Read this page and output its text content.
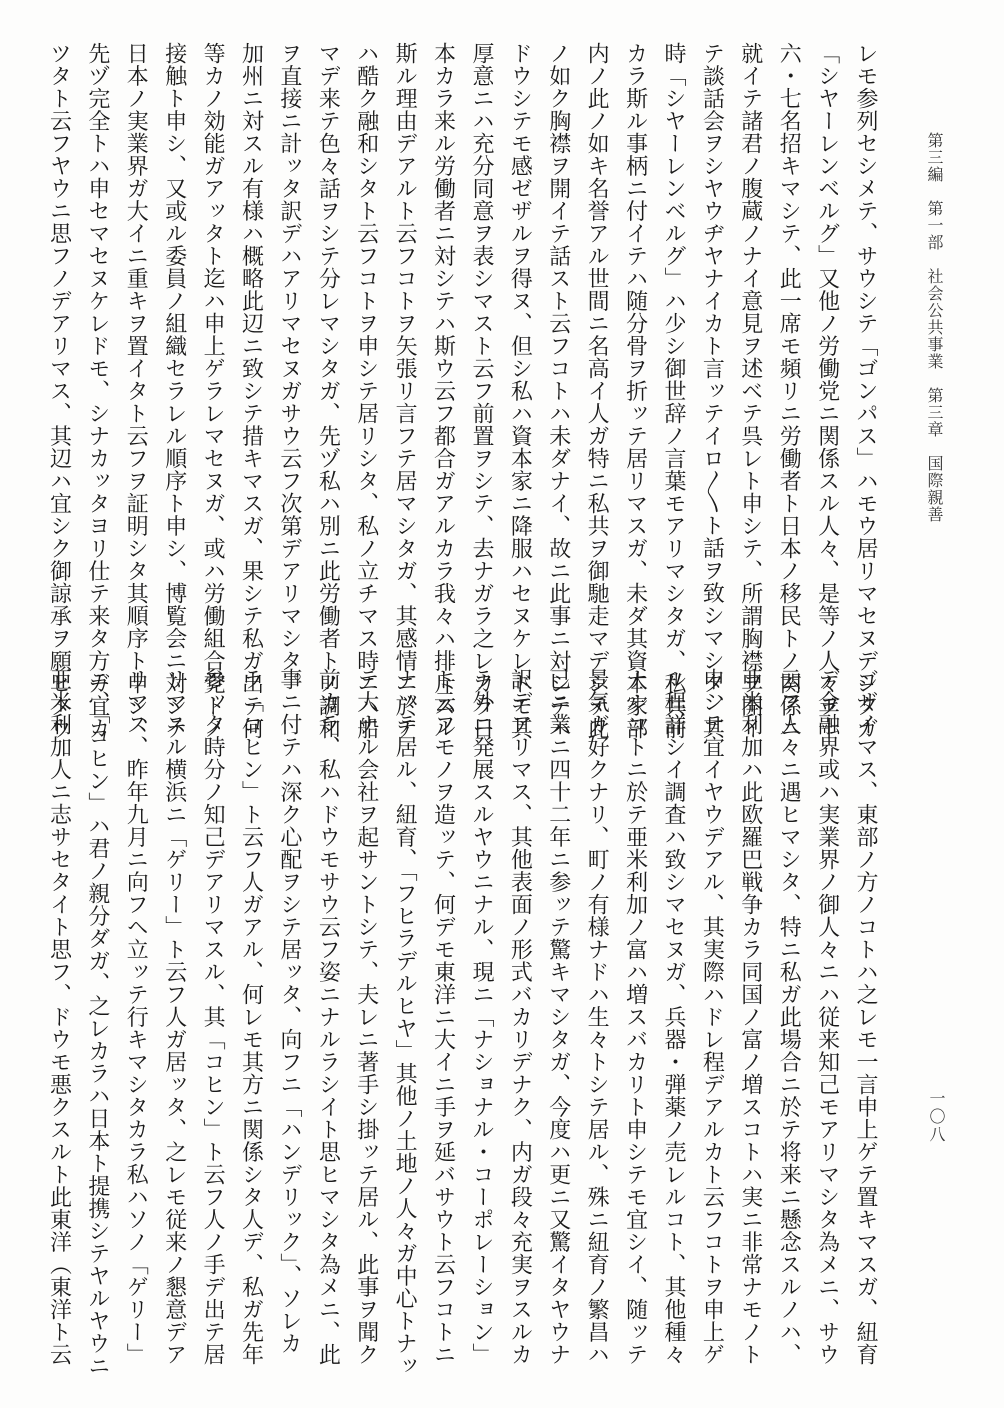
第三編　第一部　社会公共事業　第三章　国際親善
一〇八
レモ参列セシメテ、サウシテ「ゴンパス」ハモウ居リマセヌデシタガ
「シヤーレンベルグ」又他ノ労働党ニ関係スル人々、是等ノ人々ヲ十
六・七名招キマシテ、此一席モ頻リニ労働者ト日本ノ移民トノ関係ニ
就イテ諸君ノ腹蔵ノナイ意見ヲ述ベテ呉レト申シテ、所謂胸襟ヲ開イ
テ談話会ヲシヤウヂヤナイカト言ッテイロ〳〵ト話ヲ致シマシタ、其
時「シヤーレンベルグ」ハ少シ御世辞ノ言葉モアリマシタガ、私共前
カラ斯ル事柄ニ付イテハ随分骨ヲ折ッテ居リマスガ、未ダ其資本家部
内ノ此ノ如キ名誉アル世間ニ名高イ人ガ特ニ私共ヲ御馳走マデシテ此
ノ如ク胸襟ヲ開イテ話スト云フコトハ未ダナイ、故ニ此事ニ対シテハ
ドウシテモ感ゼザルヲ得ヌ、但シ私ハ資本家ニ降服ハセヌケレドモ其
厚意ニハ充分同意ヲ表シマスト云フ前置ヲシテ、去ナガラ之レカラ日
本カラ来ル労働者ニ対シテハ斯ウ云フ都合ガアルカラ我々ハ排斥スル
斯ル理由デアルト云フコトヲ矢張リ言フテ居マシタガ、其感情ニ於テ
ハ酷ク融和シタト云フコトヲ申シテ居リシタ、私ノ立チマス時ニハ船
マデ来テ色々話ヲシテ分レマシタガ、先ヅ私ハ別ニ此労働者トノ調和
ヲ直接ニ計ッタ訳デハアリマセヌガサウ云フ次第デアリマシタ。
加州ニ対スル有様ハ概略此辺ニ致シテ措キマスガ、果シテ私ガ出テ何
等カノ効能ガアッタト迄ハ申上ゲラレマセヌガ、或ハ労働組合党トノ
接触ト申シ、又或ル委員ノ組織セラレル順序ト申シ、博覧会ニ対シテ
日本ノ実業界ガ大イニ重キヲ置イタト云フヲ証明シタ其順序ト申シ、
先ヅ完全トハ申セマセヌケレドモ、シナカッタヨリ仕テ来タ方ガ宜カ
ツタト云フヤウニ思フノデアリマス、其辺ハ宜シク御諒承ヲ願ヒタウ
ゴザイマス、東部ノ方ノコトハ之レモ一言申上ゲテ置キマスガ、紐育
デ金融界或ハ実業界ノ御人々ニハ従来知己モアリマシタ為メニ、サウ
云フ人々ニ遇ヒマシタ、特ニ私ガ此場合ニ於テ将来ニ懸念スルノハ、
亜米利加ハ此欧羅巴戦争カラ同国ノ富ノ増スコトハ実ニ非常ナモノト
申シテ宜イヤウデアル、其実際ハドレ程デアルカト云フコトヲ申上ゲ
ル程詳シイ調査ハ致シマセヌガ、兵器・弾薬ノ売レルコト、其他種々
ナルコトニ於テ亜米利加ノ富ハ増スバカリト申シテモ宜シイ、随ッテ
景気ガ好クナリ、町ノ有様ナドハ生々トシテ居ル、殊ニ紐育ノ繁昌ハ
已ニ業ニ四十二年ニ参ッテ驚キマシタガ、今度ハ更ニ又驚イタヤウナ
訳デアリマス、其他表面ノ形式バカリデナク、内ガ段々充実ヲスルカ
ラ外ニ発展スルヤウニナル、現ニ「ナショナル・コーポレーション」
ト云フモノヲ造ッテ、何デモ東洋ニ大イニ手ヲ延バサウト云フコトニ
ナッテ居ル、紐育、「フヒラデルヒヤ」其他ノ土地ノ人々ガ中心トナッ
テ大ナル会社ヲ起サントシテ、夫レニ著手シ掛ッテ居ル、此事ヲ聞ク
前カラ、私ハドウモサウ云フ姿ニナルラシイト思ヒマシタ為メニ、此
事ニ付テハ深ク心配ヲシテ居ッタ、向フニ「ハンデリック」、ソレカ
ラ「コヒン」ト云フ人ガアル、何レモ其方ニ関係シタ人デ、私ガ先年
参ッタ時分ノ知己デアリマスル、其「コヒン」ト云フ人ノ手デ出テ居
リマスル横浜ニ「ゲリー」ト云フ人ガ居ッタ、之レモ従来ノ懇意デア
リマス、昨年九月ニ向フヘ立ッテ行キマシタカラ私ハソノ「ゲリー」
ニ、「コヒン」ハ君ノ親分ダガ、之レカラハ日本ト提携シテヤルヤウニ
亜米利加人ニ志サセタイト思フ、ドウモ悪クスルト此東洋（東洋ト云
